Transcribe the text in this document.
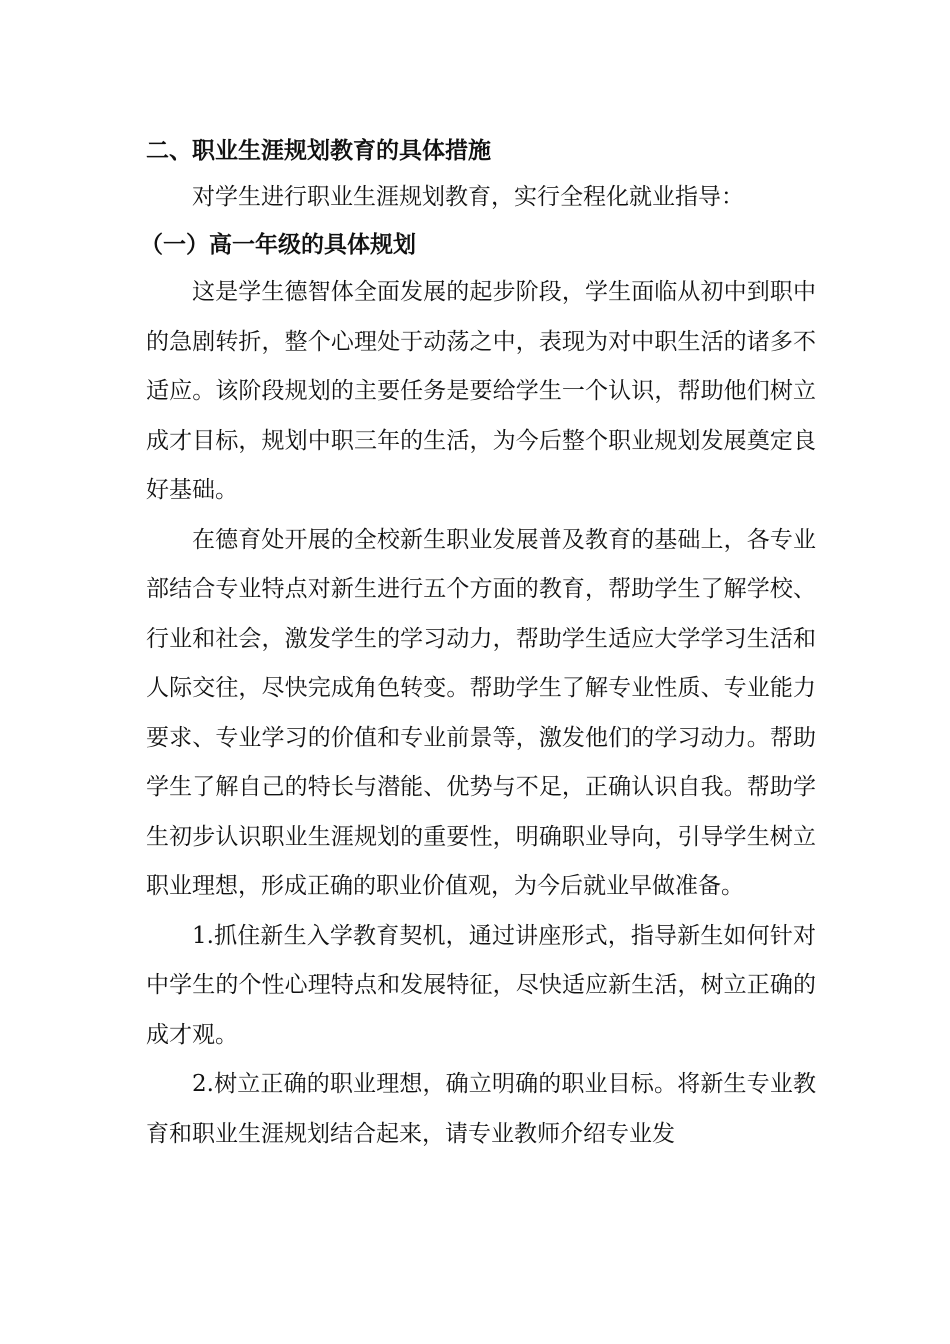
二、职业生涯规划教育的具体措施

对学生进行职业生涯规划教育，实行全程化就业指导：

（一）高一年级的具体规划

这是学生德智体全面发展的起步阶段，学生面临从初中到职中的急剧转折，整个心理处于动荡之中，表现为对中职生活的诸多不适应。该阶段规划的主要任务是要给学生一个认识，帮助他们树立成才目标，规划中职三年的生活，为今后整个职业规划发展奠定良好基础。

在德育处开展的全校新生职业发展普及教育的基础上，各专业部结合专业特点对新生进行五个方面的教育，帮助学生了解学校、行业和社会，激发学生的学习动力，帮助学生适应大学学习生活和人际交往，尽快完成角色转变。帮助学生了解专业性质、专业能力要求、专业学习的价值和专业前景等，激发他们的学习动力。帮助学生了解自己的特长与潜能、优势与不足，正确认识自我。帮助学生初步认识职业生涯规划的重要性，明确职业导向，引导学生树立职业理想，形成正确的职业价值观，为今后就业早做准备。

1.抓住新生入学教育契机，通过讲座形式，指导新生如何针对中学生的个性心理特点和发展特征，尽快适应新生活，树立正确的成才观。

2.树立正确的职业理想，确立明确的职业目标。将新生专业教育和职业生涯规划结合起来，请专业教师介绍专业发
